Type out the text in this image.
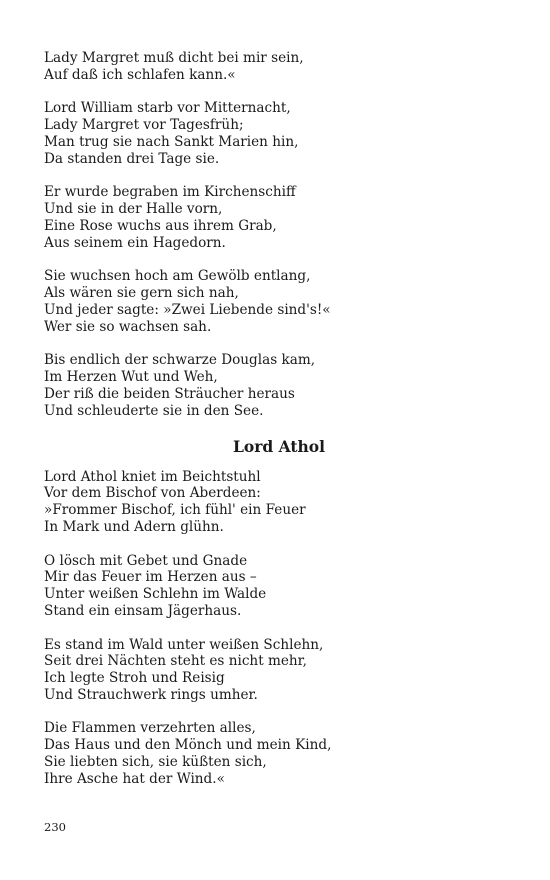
Lady Margret muß dicht bei mir sein,
Auf daß ich schlafen kann.«
Lord William starb vor Mitternacht,
Lady Margret vor Tagesfrüh;
Man trug sie nach Sankt Marien hin,
Da standen drei Tage sie.
Er wurde begraben im Kirchenschiff
Und sie in der Halle vorn,
Eine Rose wuchs aus ihrem Grab,
Aus seinem ein Hagedorn.
Sie wuchsen hoch am Gewölb entlang,
Als wären sie gern sich nah,
Und jeder sagte: »Zwei Liebende sind's!«
Wer sie so wachsen sah.
Bis endlich der schwarze Douglas kam,
Im Herzen Wut und Weh,
Der riß die beiden Sträucher heraus
Und schleuderte sie in den See.
Lord Athol
Lord Athol kniet im Beichtstuhl
Vor dem Bischof von Aberdeen:
»Frommer Bischof, ich fühl' ein Feuer
In Mark und Adern glühn.
O lösch mit Gebet und Gnade
Mir das Feuer im Herzen aus –
Unter weißen Schlehn im Walde
Stand ein einsam Jägerhaus.
Es stand im Wald unter weißen Schlehn,
Seit drei Nächten steht es nicht mehr,
Ich legte Stroh und Reisig
Und Strauchwerk rings umher.
Die Flammen verzehrten alles,
Das Haus und den Mönch und mein Kind,
Sie liebten sich, sie küßten sich,
Ihre Asche hat der Wind.«
230
